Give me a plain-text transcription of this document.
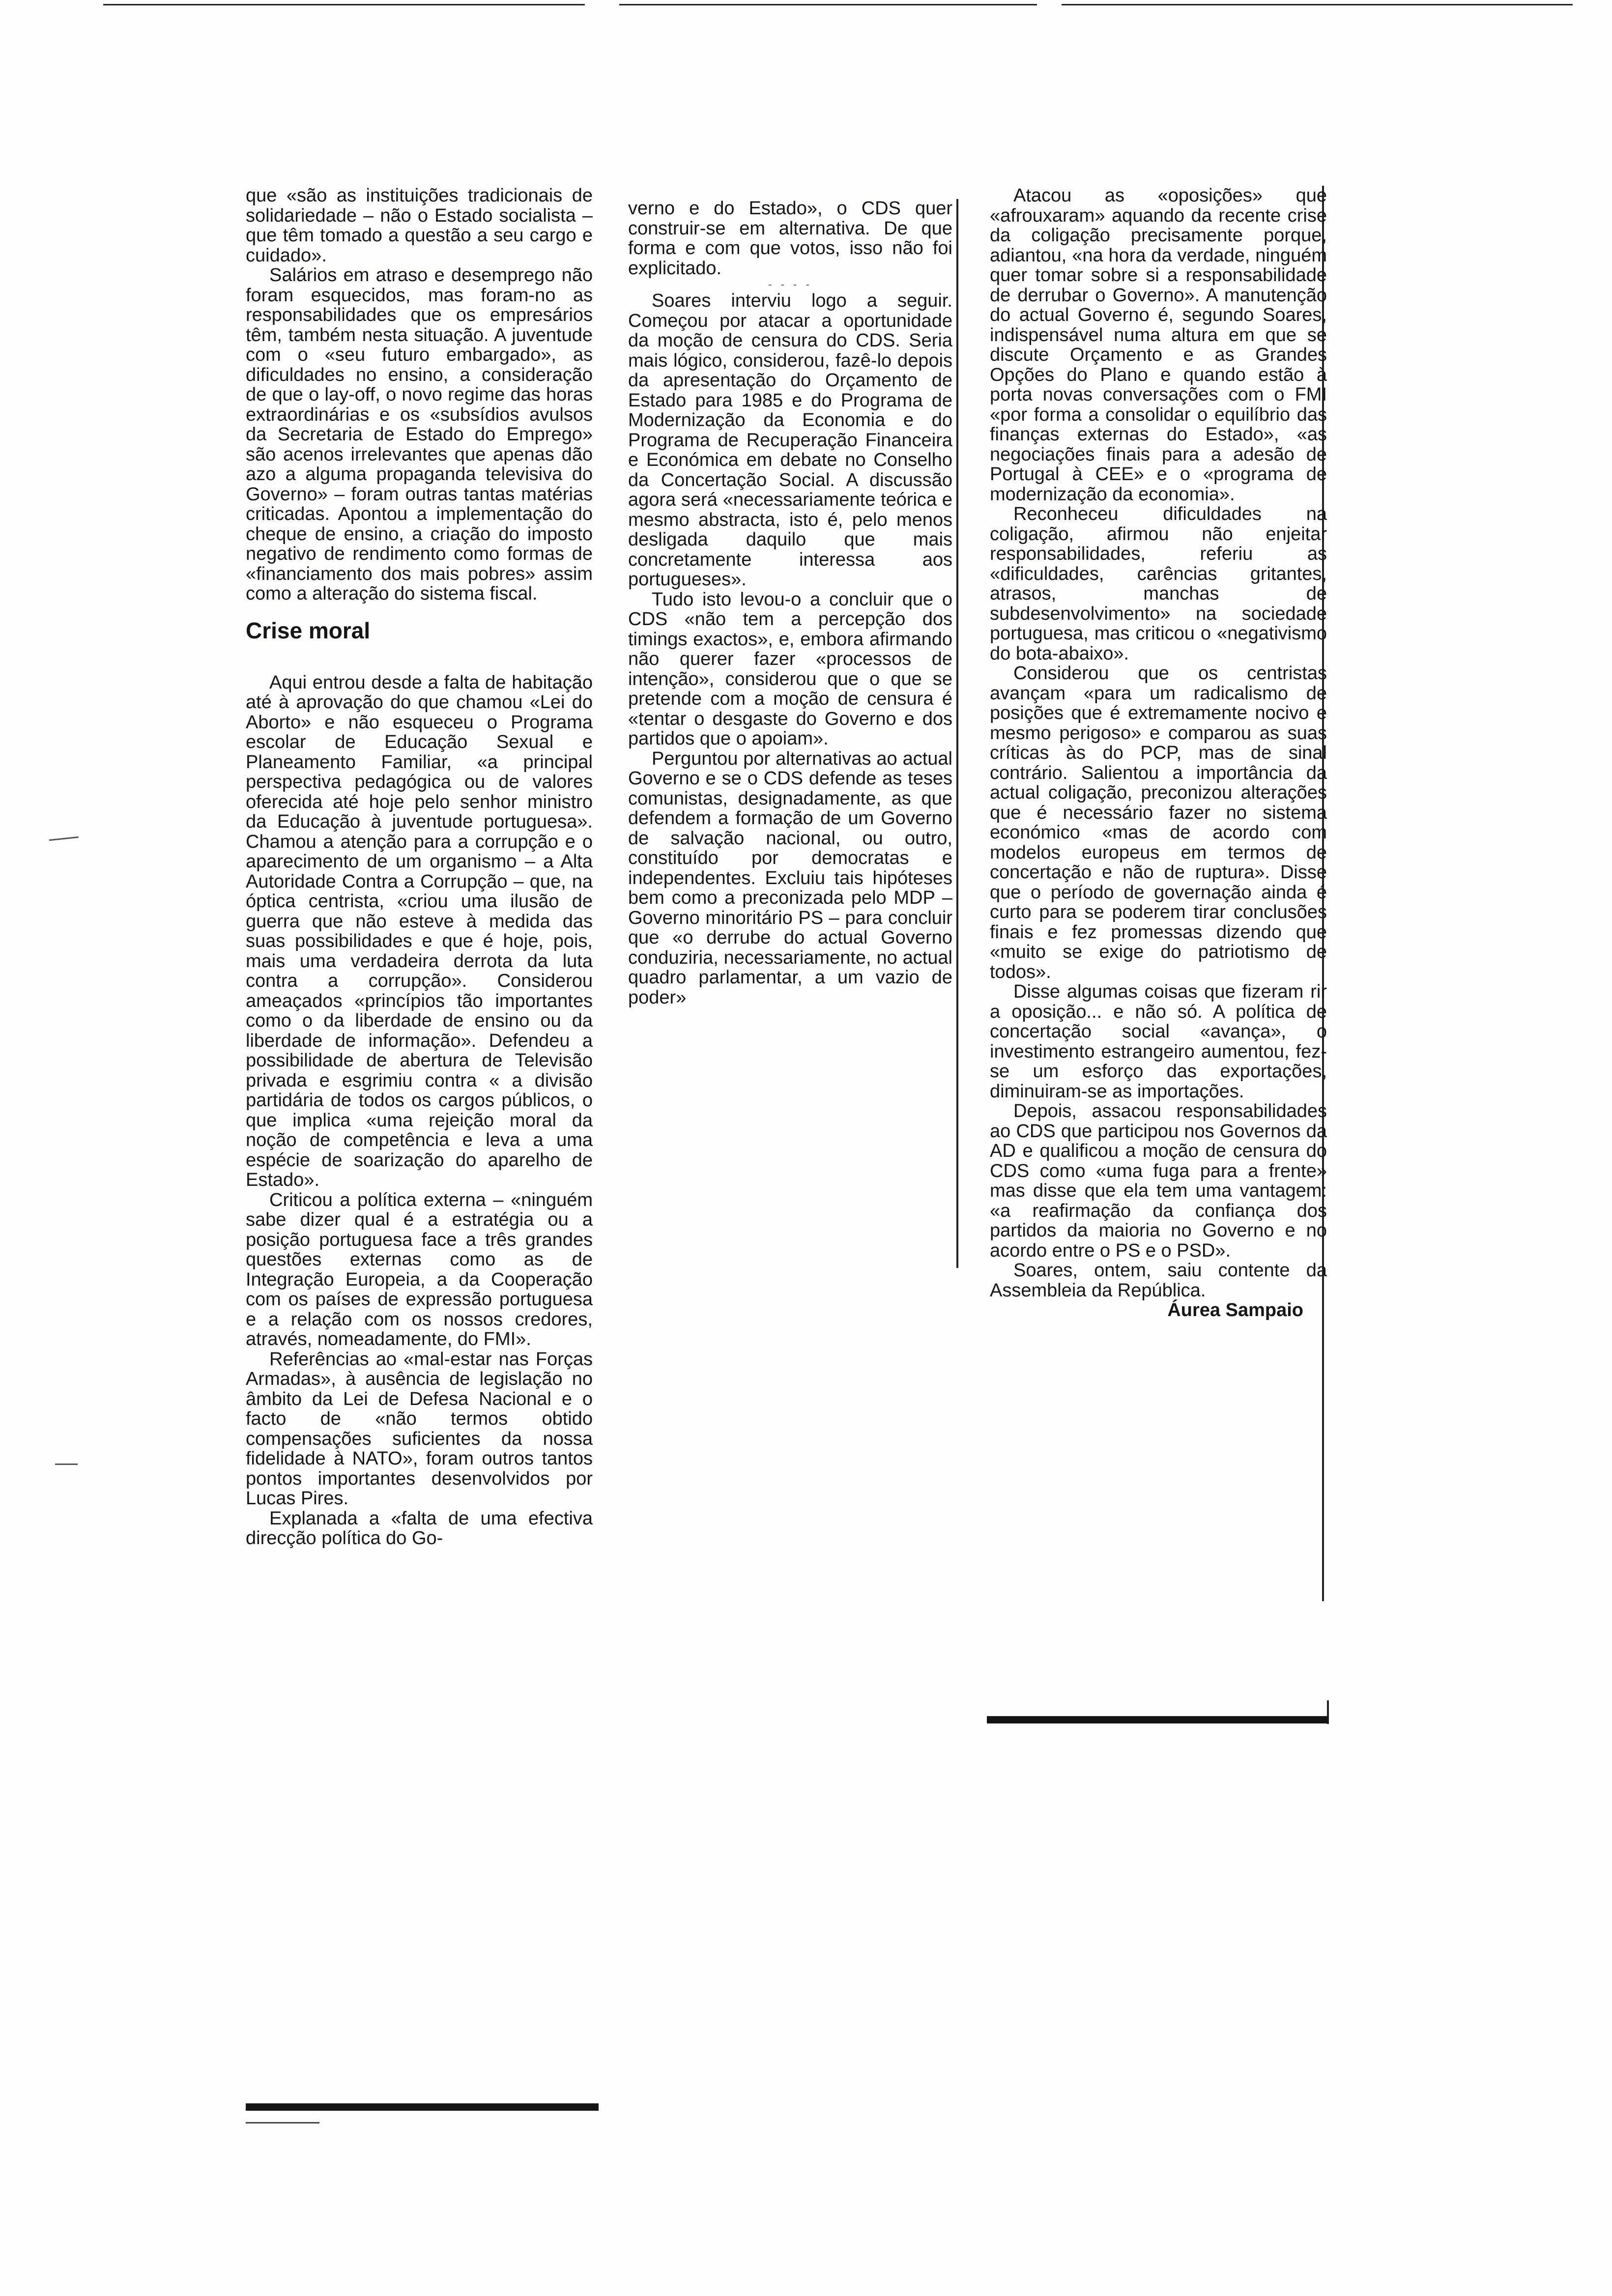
que «são as instituições tradicionais de solidariedade – não o Estado socialista – que têm tomado a questão a seu cargo e cuidado».

Salários em atraso e desemprego não foram esquecidos, mas foram-no as responsabilidades que os empresários têm, também nesta situação. A juventude com o «seu futuro embargado», as dificuldades no ensino, a consideração de que o lay-off, o novo regime das horas extraordinárias e os «subsídios avulsos da Secretaria de Estado do Emprego» são acenos irrelevantes que apenas dão azo a alguma propaganda televisiva do Governo» – foram outras tantas matérias criticadas. Apontou a implementação do cheque de ensino, a criação do imposto negativo de rendimento como formas de «financiamento dos mais pobres» assim como a alteração do sistema fiscal.

Crise moral

Aqui entrou desde a falta de habitação até à aprovação do que chamou «Lei do Aborto» e não esqueceu o Programa escolar de Educação Sexual e Planeamento Familiar, «a principal perspectiva pedagógica ou de valores oferecida até hoje pelo senhor ministro da Educação à juventude portuguesa». Chamou a atenção para a corrupção e o aparecimento de um organismo – a Alta Autoridade Contra a Corrupção – que, na óptica centrista, «criou uma ilusão de guerra que não esteve à medida das suas possibilidades e que é hoje, pois, mais uma verdadeira derrota da luta contra a corrupção». Considerou ameaçados «princípios tão importantes como o da liberdade de ensino ou da liberdade de informação». Defendeu a possibilidade de abertura de Televisão privada e esgrimiu contra « a divisão partidária de todos os cargos públicos, o que implica «uma rejeição moral da noção de competência e leva a uma espécie de soarização do aparelho de Estado».

Criticou a política externa – «ninguém sabe dizer qual é a estratégia ou a posição portuguesa face a três grandes questões externas como as de Integração Europeia, a da Cooperação com os países de expressão portuguesa e a relação com os nossos credores, através, nomeadamente, do FMI».

Referências ao «mal-estar nas Forças Armadas», à ausência de legislação no âmbito da Lei de Defesa Nacional e o facto de «não termos obtido compensações suficientes da nossa fidelidade à NATO», foram outros tantos pontos importantes desenvolvidos por Lucas Pires.

Explanada a «falta de uma efectiva direcção política do Go-

verno e do Estado», o CDS quer construir-se em alternativa. De que forma e com que votos, isso não foi explicitado.

- - - -

Soares interviu logo a seguir. Começou por atacar a oportunidade da moção de censura do CDS. Seria mais lógico, considerou, fazê-lo depois da apresentação do Orçamento de Estado para 1985 e do Programa de Modernização da Economia e do Programa de Recuperação Financeira e Económica em debate no Conselho da Concertação Social. A discussão agora será «necessariamente teórica e mesmo abstracta, isto é, pelo menos desligada daquilo que mais concretamente interessa aos portugueses».

Tudo isto levou-o a concluir que o CDS «não tem a percepção dos timings exactos», e, embora afirmando não querer fazer «processos de intenção», considerou que o que se pretende com a moção de censura é «tentar o desgaste do Governo e dos partidos que o apoiam».

Perguntou por alternativas ao actual Governo e se o CDS defende as teses comunistas, designadamente, as que defendem a formação de um Governo de salvação nacional, ou outro, constituído por democratas e independentes. Excluiu tais hipóteses bem como a preconizada pelo MDP – Governo minoritário PS – para concluir que «o derrube do actual Governo conduziria, necessariamente, no actual quadro parlamentar, a um vazio de poder»

Atacou as «oposições» que «afrouxaram» aquando da recente crise da coligação precisamente porque, adiantou, «na hora da verdade, ninguém quer tomar sobre si a responsabilidade de derrubar o Governo». A manutenção do actual Governo é, segundo Soares, indispensável numa altura em que se discute Orçamento e as Grandes Opções do Plano e quando estão à porta novas conversações com o FMI «por forma a consolidar o equilíbrio das finanças externas do Estado», «as negociações finais para a adesão de Portugal à CEE» e o «programa de modernização da economia».

Reconheceu dificuldades na coligação, afirmou não enjeitar responsabilidades, referiu as «dificuldades, carências gritantes, atrasos, manchas de subdesenvolvimento» na sociedade portuguesa, mas criticou o «negativismo do bota-abaixo».

Considerou que os centristas avançam «para um radicalismo de posições que é extremamente nocivo e mesmo perigoso» e comparou as suas críticas às do PCP, mas de sinal contrário. Salientou a importância da actual coligação, preconizou alterações que é necessário fazer no sistema económico «mas de acordo com modelos europeus em termos de concertação e não de ruptura». Disse que o período de governação ainda é curto para se poderem tirar conclusões finais e fez promessas dizendo que «muito se exige do patriotismo de todos».

Disse algumas coisas que fizeram rir a oposição... e não só. A política de concertação social «avança», o investimento estrangeiro aumentou, fez-se um esforço das exportações, diminuiram-se as importações.

Depois, assacou responsabilidades ao CDS que participou nos Governos da AD e qualificou a moção de censura do CDS como «uma fuga para a frente» mas disse que ela tem uma vantagem: «a reafirmação da confiança dos partidos da maioria no Governo e no acordo entre o PS e o PSD».

Soares, ontem, saiu contente da Assembleia da República.

Áurea Sampaio
